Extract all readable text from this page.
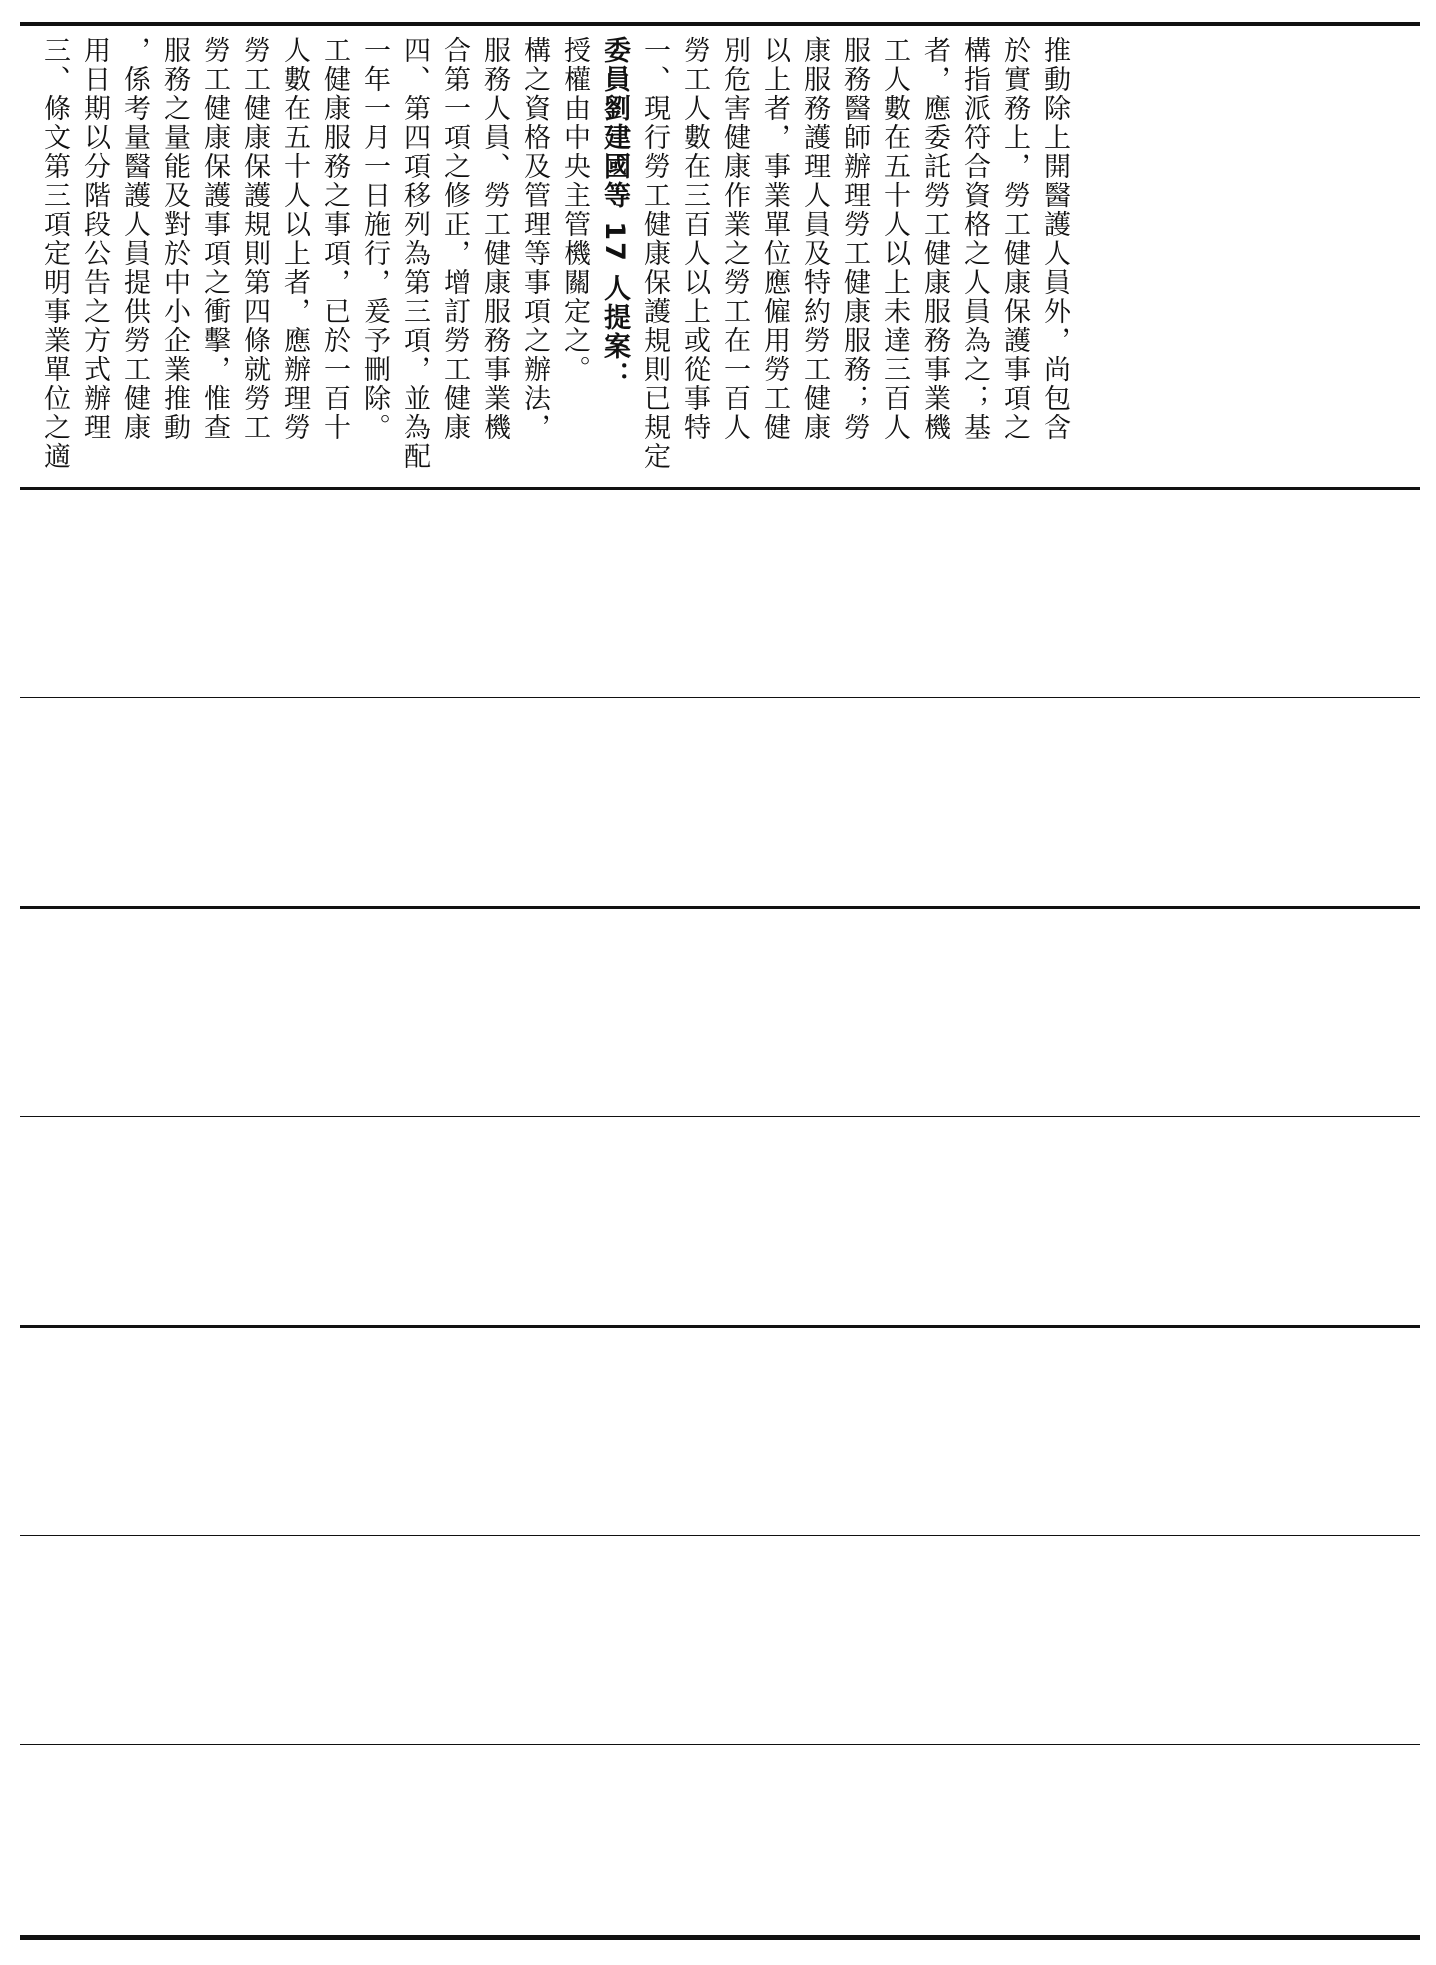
三、條文第三項定明事業單位之適 用日期以分階段公告之方式辦理 ，係考量醫護人員提供勞工健康 服務之量能及對於中小企業推動 勞工健康保護事項之衝擊，惟查 勞工健康保護規則第四條就勞工 人數在五十人以上者，應辦理勞 工健康服務之事項，已於一百十 一年一月一日施行，爰予刪除。 四、第四項移列為第三項，並為配 合第一項之修正，增訂勞工健康 服務人員、勞工健康服務事業機 構之資格及管理等事項之辦法， 授權由中央主管機關定之。 委員劉建國等 17 人提案： 一、現行勞工健康保護規則已規定 勞工人數在三百人以上或從事特 別危害健康作業之勞工在一百人 以上者，事業單位應僱用勞工健 康服務護理人員及特約勞工健康 服務醫師辦理勞工健康服務；勞 工人數在五十人以上未達三百人 者，應委託勞工健康服務事業機 構指派符合資格之人員為之；基 於實務上，勞工健康保護事項之 推動除上開醫護人員外，尚包含
